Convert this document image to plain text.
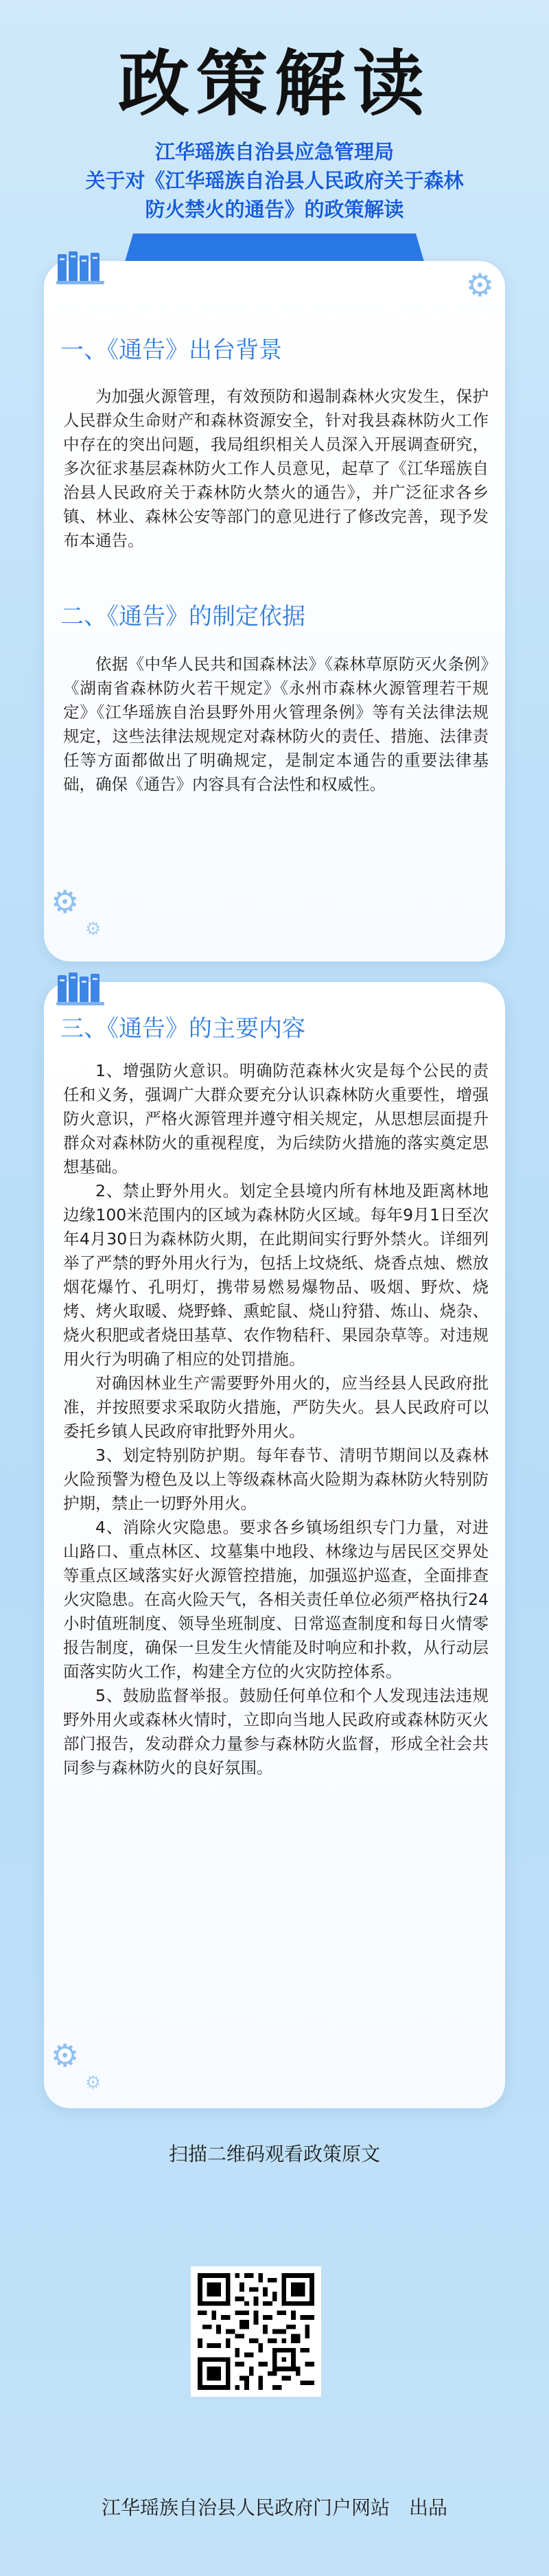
政策解读
江华瑶族自治县应急管理局
关于对《江华瑶族自治县人民政府关于森林
防火禁火的通告》的政策解读
⚙
一、《通告》出台背景

为加强火源管理，有效预防和遏制森林火灾发生，保护人民群众生命财产和森林资源安全，针对我县森林防火工作中存在的突出问题，我局组织相关人员深入开展调查研究，多次征求基层森林防火工作人员意见，起草了《江华瑶族自治县人民政府关于森林防火禁火的通告》，并广泛征求各乡镇、林业、森林公安等部门的意见进行了修改完善，现予发布本通告。

二、《通告》的制定依据

依据《中华人民共和国森林法》《森林草原防灭火条例》《湖南省森林防火若干规定》《永州市森林火源管理若干规定》《江华瑶族自治县野外用火管理条例》等有关法律法规规定，这些法律法规规定对森林防火的责任、措施、法律责任等方面都做出了明确规定，是制定本通告的重要法律基础，确保《通告》内容具有合法性和权威性。

⚙
⚙
三、《通告》的主要内容

1、增强防火意识。明确防范森林火灾是每个公民的责任和义务，强调广大群众要充分认识森林防火重要性，增强防火意识，严格火源管理并遵守相关规定，从思想层面提升群众对森林防火的重视程度，为后续防火措施的落实奠定思想基础。

2、禁止野外用火。划定全县境内所有林地及距离林地边缘100米范围内的区域为森林防火区域。每年9月1日至次年4月30日为森林防火期，在此期间实行野外禁火。详细列举了严禁的野外用火行为，包括上坟烧纸、烧香点烛、燃放烟花爆竹、孔明灯，携带易燃易爆物品、吸烟、野炊、烧烤、烤火取暖、烧野蜂、熏蛇鼠、烧山狩猎、炼山、烧杂、烧火积肥或者烧田基草、农作物秸秆、果园杂草等。对违规用火行为明确了相应的处罚措施。

对确因林业生产需要野外用火的，应当经县人民政府批准，并按照要求采取防火措施，严防失火。县人民政府可以委托乡镇人民政府审批野外用火。

3、划定特别防护期。每年春节、清明节期间以及森林火险预警为橙色及以上等级森林高火险期为森林防火特别防护期，禁止一切野外用火。

4、消除火灾隐患。要求各乡镇场组织专门力量，对进山路口、重点林区、坟墓集中地段、林缘边与居民区交界处等重点区域落实好火源管控措施，加强巡护巡查，全面排查火灾隐患。在高火险天气，各相关责任单位必须严格执行24小时值班制度、领导坐班制度、日常巡查制度和每日火情零报告制度，确保一旦发生火情能及时响应和扑救，从行动层面落实防火工作，构建全方位的火灾防控体系。

5、鼓励监督举报。鼓励任何单位和个人发现违法违规野外用火或森林火情时，立即向当地人民政府或森林防灭火部门报告，发动群众力量参与森林防火监督，形成全社会共同参与森林防火的良好氛围。

⚙
⚙
扫描二维码观看政策原文
江华瑶族自治县人民政府门户网站　出品
